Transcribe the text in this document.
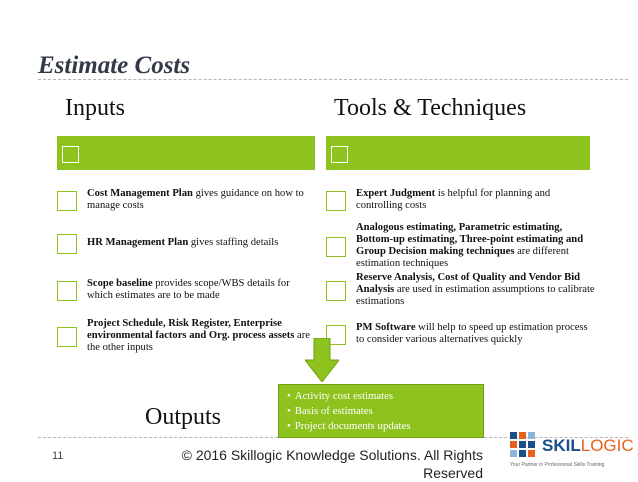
Estimate Costs
Inputs	Tools & Techniques
Cost Management Plan gives guidance on how to manage costs
HR Management Plan gives staffing details
Scope baseline provides scope/WBS details for which estimates are to be made
Project Schedule, Risk Register, Enterprise environmental factors and Org. process assets are the other inputs
Expert Judgment is helpful for planning and controlling costs
Analogous estimating, Parametric estimating, Bottom-up estimating, Three-point estimating and Group Decision making techniques are different estimation techniques
Reserve Analysis, Cost of Quality and Vendor Bid Analysis are used in estimation assumptions to calibrate estimations
PM Software will help to speed up estimation process to consider various alternatives quickly
• Activity cost estimates
• Basis of estimates
• Project documents updates
Outputs
11	© 2016 Skillogic Knowledge Solutions. All Rights Reserved
SKILLOGIC
Your Partner in Professional Skills Training
